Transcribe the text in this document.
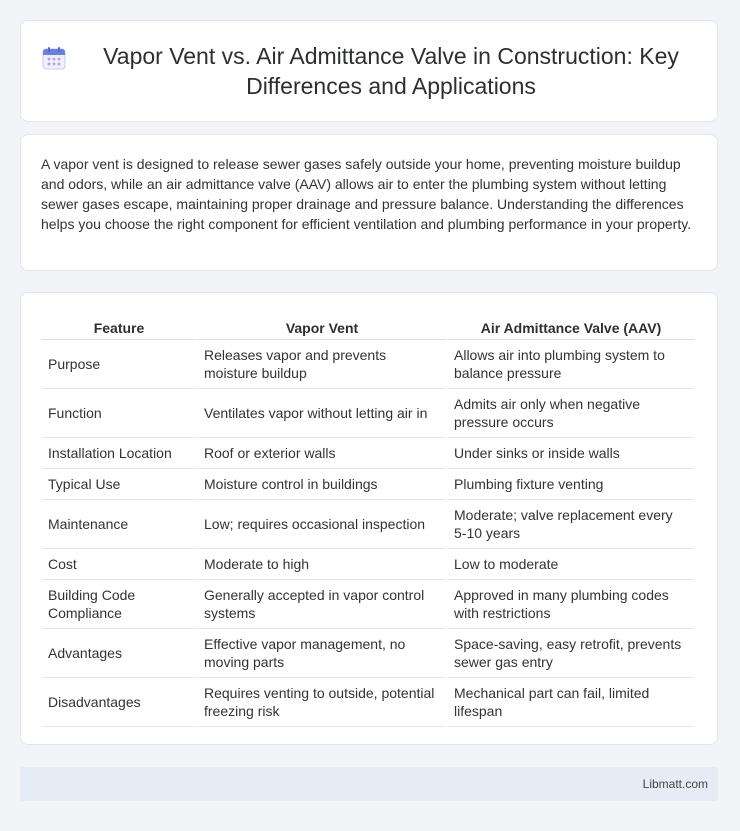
Vapor Vent vs. Air Admittance Valve in Construction: Key Differences and Applications

A vapor vent is designed to release sewer gases safely outside your home, preventing moisture buildup and odors, while an air admittance valve (AAV) allows air to enter the plumbing system without letting sewer gases escape, maintaining proper drainage and pressure balance. Understanding the differences helps you choose the right component for efficient ventilation and plumbing performance in your property.

Feature	Vapor Vent	Air Admittance Valve (AAV)
Purpose	Releases vapor and prevents moisture buildup	Allows air into plumbing system to balance pressure
Function	Ventilates vapor without letting air in	Admits air only when negative pressure occurs
Installation Location	Roof or exterior walls	Under sinks or inside walls
Typical Use	Moisture control in buildings	Plumbing fixture venting
Maintenance	Low; requires occasional inspection	Moderate; valve replacement every 5-10 years
Cost	Moderate to high	Low to moderate
Building Code Compliance	Generally accepted in vapor control systems	Approved in many plumbing codes with restrictions
Advantages	Effective vapor management, no moving parts	Space-saving, easy retrofit, prevents sewer gas entry
Disadvantages	Requires venting to outside, potential freezing risk	Mechanical part can fail, limited lifespan
Libmatt.com
